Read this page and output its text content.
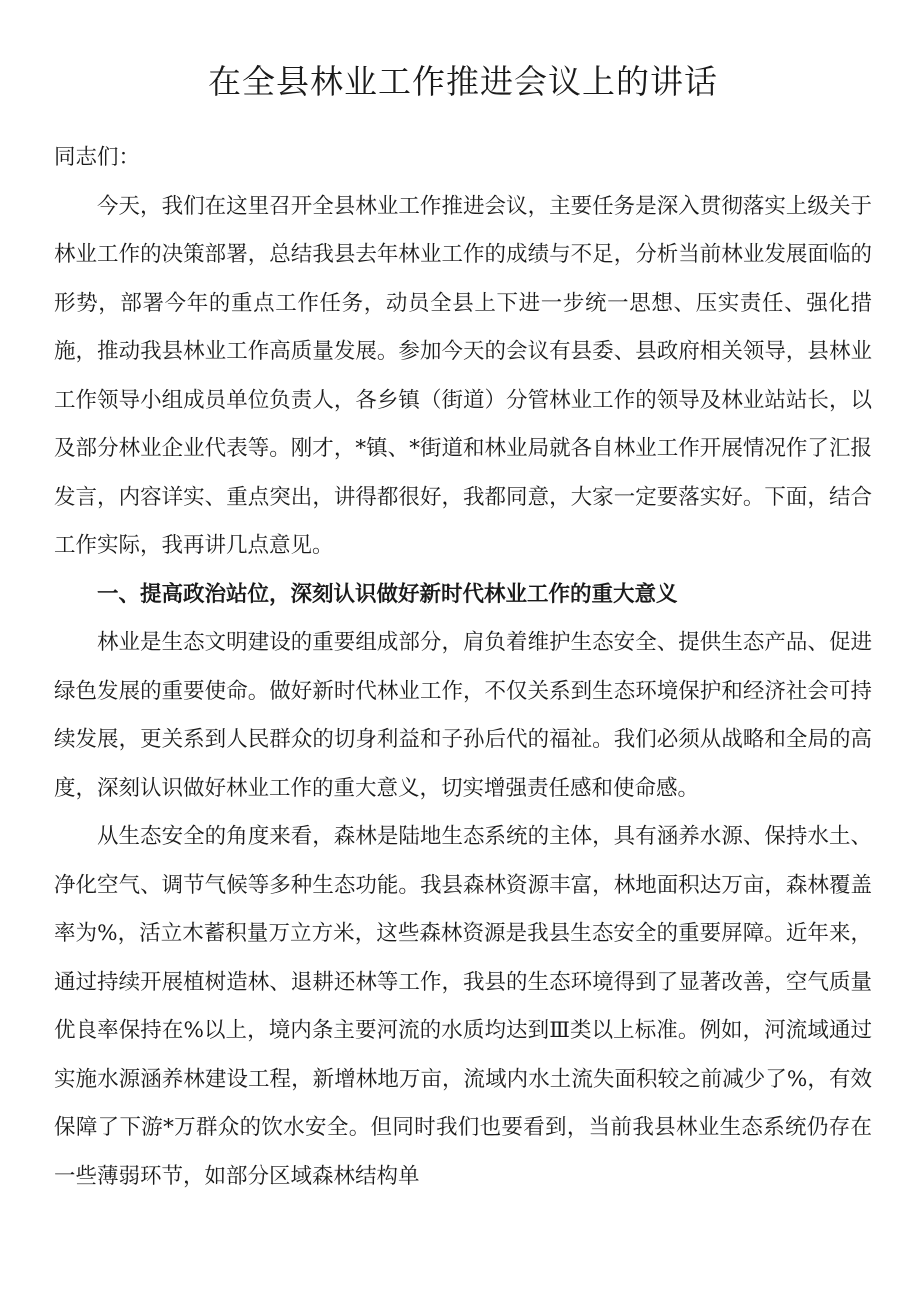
在全县林业工作推进会议上的讲话

同志们：

今天，我们在这里召开全县林业工作推进会议，主要任务是深入贯彻落实上级关于林业工作的决策部署，总结我县去年林业工作的成绩与不足，分析当前林业发展面临的形势，部署今年的重点工作任务，动员全县上下进一步统一思想、压实责任、强化措施，推动我县林业工作高质量发展。参加今天的会议有县委、县政府相关领导，县林业工作领导小组成员单位负责人，各乡镇（街道）分管林业工作的领导及林业站站长，以及部分林业企业代表等。刚才，*镇、*街道和林业局就各自林业工作开展情况作了汇报发言，内容详实、重点突出，讲得都很好，我都同意，大家一定要落实好。下面，结合工作实际，我再讲几点意见。

一、提高政治站位，深刻认识做好新时代林业工作的重大意义

林业是生态文明建设的重要组成部分，肩负着维护生态安全、提供生态产品、促进绿色发展的重要使命。做好新时代林业工作，不仅关系到生态环境保护和经济社会可持续发展，更关系到人民群众的切身利益和子孙后代的福祉。我们必须从战略和全局的高度，深刻认识做好林业工作的重大意义，切实增强责任感和使命感。

从生态安全的角度来看，森林是陆地生态系统的主体，具有涵养水源、保持水土、净化空气、调节气候等多种生态功能。我县森林资源丰富，林地面积达万亩，森林覆盖率为%，活立木蓄积量万立方米，这些森林资源是我县生态安全的重要屏障。近年来，通过持续开展植树造林、退耕还林等工作，我县的生态环境得到了显著改善，空气质量优良率保持在%以上，境内条主要河流的水质均达到Ⅲ类以上标准。例如，河流域通过实施水源涵养林建设工程，新增林地万亩，流域内水土流失面积较之前减少了%，有效保障了下游*万群众的饮水安全。但同时我们也要看到，当前我县林业生态系统仍存在一些薄弱环节，如部分区域森林结构单
